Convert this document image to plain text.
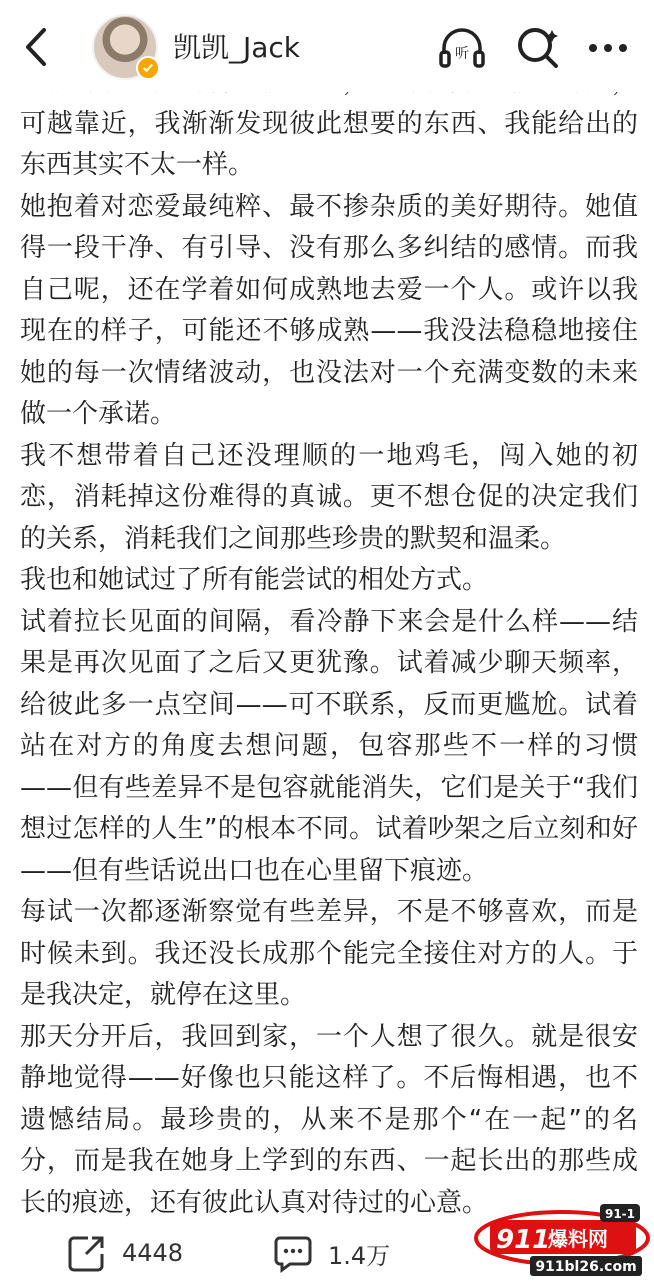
凯凯_Jack	听

可越靠近，我渐渐发现彼此想要的东西、我能给出的东西其实不太一样。

她抱着对恋爱最纯粹、最不掺杂质的美好期待。她值得一段干净、有引导、没有那么多纠结的感情。而我自己呢，还在学着如何成熟地去爱一个人。或许以我现在的样子，可能还不够成熟——我没法稳稳地接住她的每一次情绪波动，也没法对一个充满变数的未来做一个承诺。

我不想带着自己还没理顺的一地鸡毛，闯入她的初恋，消耗掉这份难得的真诚。更不想仓促的决定我们的关系，消耗我们之间那些珍贵的默契和温柔。

我也和她试过了所有能尝试的相处方式。

试着拉长见面的间隔，看冷静下来会是什么样——结果是再次见面了之后又更犹豫。试着减少聊天频率，给彼此多一点空间——可不联系，反而更尴尬。试着站在对方的角度去想问题，包容那些不一样的习惯——但有些差异不是包容就能消失，它们是关于“我们想过怎样的人生”的根本不同。试着吵架之后立刻和好——但有些话说出口也在心里留下痕迹。

每试一次都逐渐察觉有些差异，不是不够喜欢，而是时候未到。我还没长成那个能完全接住对方的人。于是我决定，就停在这里。

那天分开后，我回到家，一个人想了很久。就是很安静地觉得——好像也只能这样了。不后悔相遇，也不遗憾结局。最珍贵的，从来不是那个“在一起”的名分，而是我在她身上学到的东西、一起长出的那些成长的痕迹，还有彼此认真对待过的心意。

4448	1.4万
911
爆料网
91-1
911bl26.com
